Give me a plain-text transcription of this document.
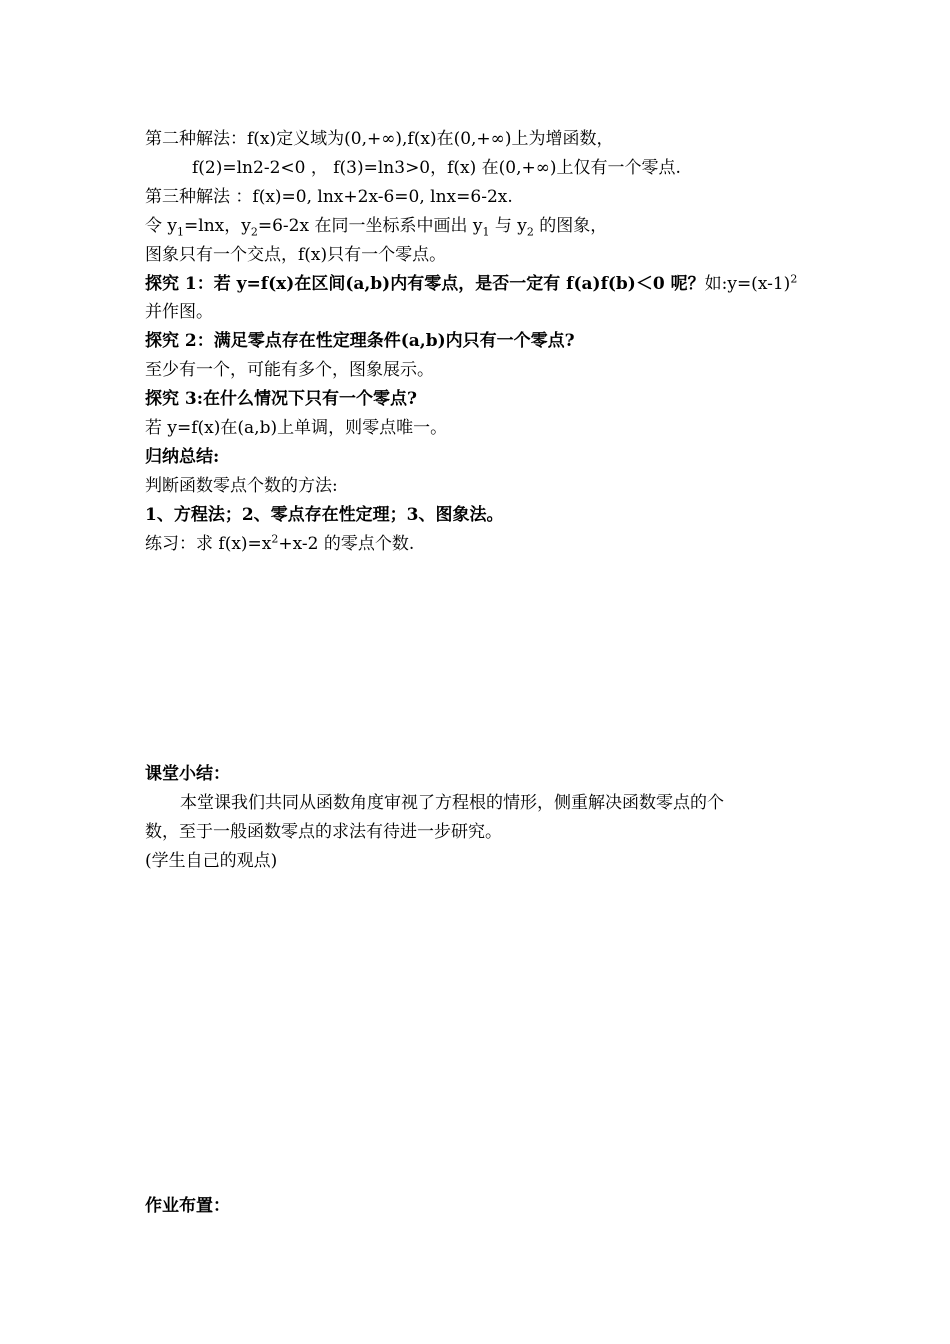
第二种解法：f(x)定义域为(0,+∞),f(x)在(0,+∞)上为增函数，
f(2)=ln2-2<0 ， f(3)=ln3>0，f(x) 在(0,+∞)上仅有一个零点.
第三种解法 ：f(x)=0, lnx+2x-6=0, lnx=6-2x.
令 $y_1=\ln x$，$y_2=6-2x$ 在同一坐标系中画出 $y_1$ 与 $y_2$ 的图象，
图象只有一个交点，f(x)只有一个零点。
探究 1：若 y=f(x)在区间(a,b)内有零点，是否一定有 f(a)f(b)＜0 呢？如$:y=(x-1)^2$
并作图。
探究 2：满足零点存在性定理条件(a,b)内只有一个零点?
至少有一个，可能有多个，图象展示。
探究 3:在什么情况下只有一个零点?
若 y=f(x)在(a,b)上单调，则零点唯一。
归纳总结:
判断函数零点个数的方法:
1、方程法；2、零点存在性定理；3、图象法。
练习：求 $f(x)=x^2+x-2$ 的零点个数.
课堂小结：
本堂课我们共同从函数角度审视了方程根的情形，侧重解决函数零点的个
数，至于一般函数零点的求法有待进一步研究。
(学生自己的观点)
作业布置：
